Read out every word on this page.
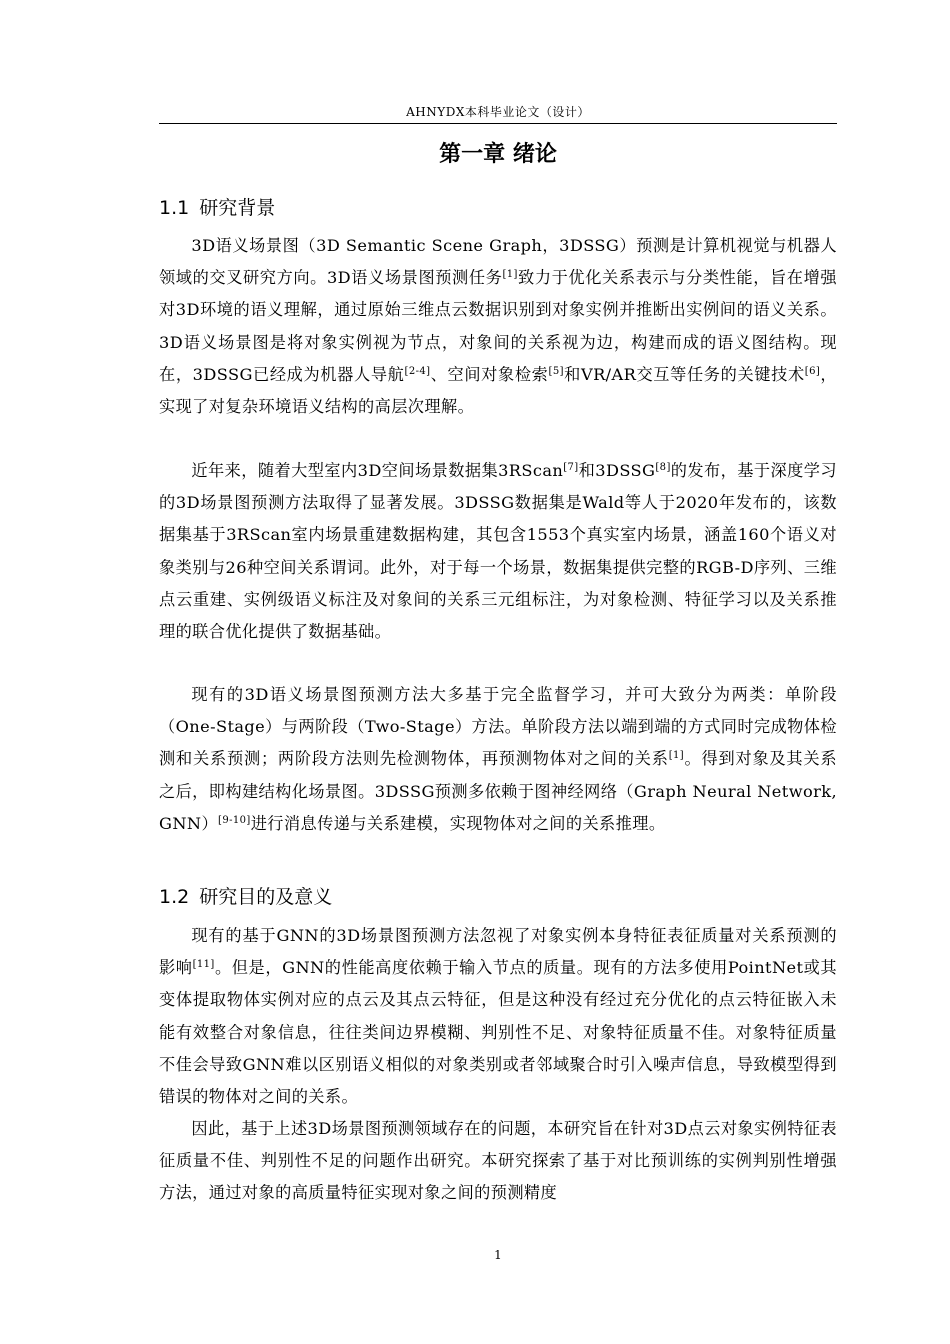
AHNYDX本科毕业论文（设计）
第一章 绪论
1.1 研究背景

3D语义场景图（3D Semantic Scene Graph，3DSSG）预测是计算机视觉与机器人领域的交叉研究方向。3D语义场景图预测任务[1]致力于优化关系表示与分类性能，旨在增强对3D环境的语义理解，通过原始三维点云数据识别到对象实例并推断出实例间的语义关系。3D语义场景图是将对象实例视为节点，对象间的关系视为边，构建而成的语义图结构。现在，3DSSG已经成为机器人导航[2-4]、空间对象检索[5]和VR/AR交互等任务的关键技术[6]，实现了对复杂环境语义结构的高层次理解。

近年来，随着大型室内3D空间场景数据集3RScan[7]和3DSSG[8]的发布，基于深度学习的3D场景图预测方法取得了显著发展。3DSSG数据集是Wald等人于2020年发布的，该数据集基于3RScan室内场景重建数据构建，其包含1553个真实室内场景，涵盖160个语义对象类别与26种空间关系谓词。此外，对于每一个场景，数据集提供完整的RGB-D序列、三维点云重建、实例级语义标注及对象间的关系三元组标注，为对象检测、特征学习以及关系推理的联合优化提供了数据基础。

现有的3D语义场景图预测方法大多基于完全监督学习，并可大致分为两类：单阶段（One-Stage）与两阶段（Two-Stage）方法。单阶段方法以端到端的方式同时完成物体检测和关系预测；两阶段方法则先检测物体，再预测物体对之间的关系[1]。得到对象及其关系之后，即构建结构化场景图。3DSSG预测多依赖于图神经网络（Graph Neural Network, GNN）[9-10]进行消息传递与关系建模，实现物体对之间的关系推理。

1.2 研究目的及意义

现有的基于GNN的3D场景图预测方法忽视了对象实例本身特征表征质量对关系预测的影响[11]。但是，GNN的性能高度依赖于输入节点的质量。现有的方法多使用PointNet或其变体提取物体实例对应的点云及其点云特征，但是这种没有经过充分优化的点云特征嵌入未能有效整合对象信息，往往类间边界模糊、判别性不足、对象特征质量不佳。对象特征质量不佳会导致GNN难以区别语义相似的对象类别或者邻域聚合时引入噪声信息，导致模型得到错误的物体对之间的关系。

因此，基于上述3D场景图预测领域存在的问题，本研究旨在针对3D点云对象实例特征表征质量不佳、判别性不足的问题作出研究。本研究探索了基于对比预训练的实例判别性增强方法，通过对象的高质量特征实现对象之间的预测精度

1
